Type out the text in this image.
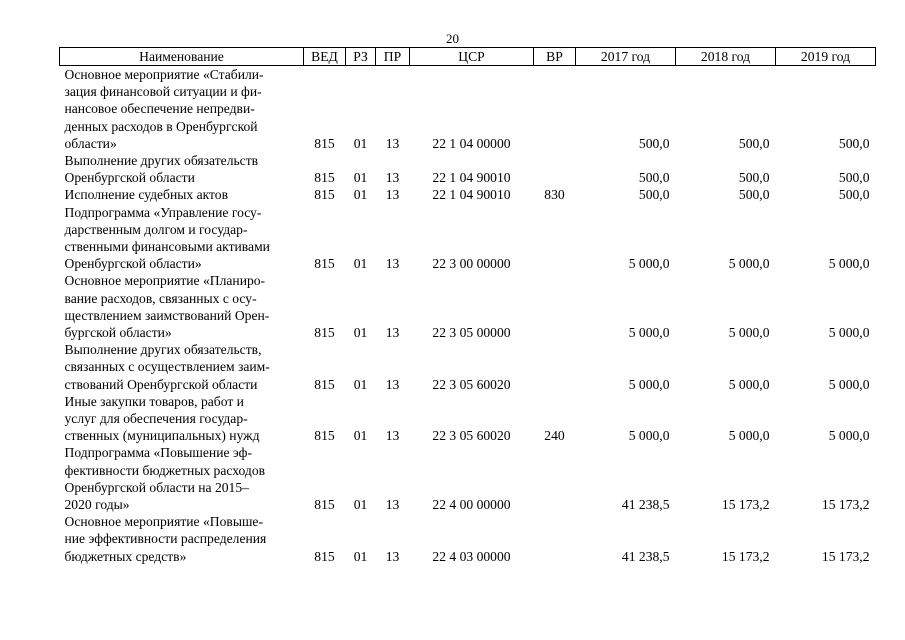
20
Наименование	ВЕД	РЗ	ПР	ЦСР	ВР	2017 год	2018 год	2019 год
Основное мероприятие «Стабили-
зация финансовой ситуации и фи-
нансовое обеспечение непредви-
денных расходов в Оренбургской
области»	815	01	13	22 1 04 00000		500,0	500,0	500,0
Выполнение других обязательств
Оренбургской области	815	01	13	22 1 04 90010		500,0	500,0	500,0
Исполнение судебных актов	815	01	13	22 1 04 90010	830	500,0	500,0	500,0
Подпрограмма «Управление госу-
дарственным долгом и государ-
ственными финансовыми активами
Оренбургской области»	815	01	13	22 3 00 00000		5 000,0	5 000,0	5 000,0
Основное мероприятие «Планиро-
вание расходов, связанных с осу-
ществлением заимствований Орен-
бургской области»	815	01	13	22 3 05 00000		5 000,0	5 000,0	5 000,0
Выполнение других обязательств,
связанных с осуществлением заим-
ствований Оренбургской области	815	01	13	22 3 05 60020		5 000,0	5 000,0	5 000,0
Иные закупки товаров, работ и
услуг для обеспечения государ-
ственных (муниципальных) нужд	815	01	13	22 3 05 60020	240	5 000,0	5 000,0	5 000,0
Подпрограмма «Повышение эф-
фективности бюджетных расходов
Оренбургской области на 2015–
2020 годы»	815	01	13	22 4 00 00000		41 238,5	15 173,2	15 173,2
Основное мероприятие «Повыше-
ние эффективности распределения
бюджетных средств»	815	01	13	22 4 03 00000		41 238,5	15 173,2	15 173,2
